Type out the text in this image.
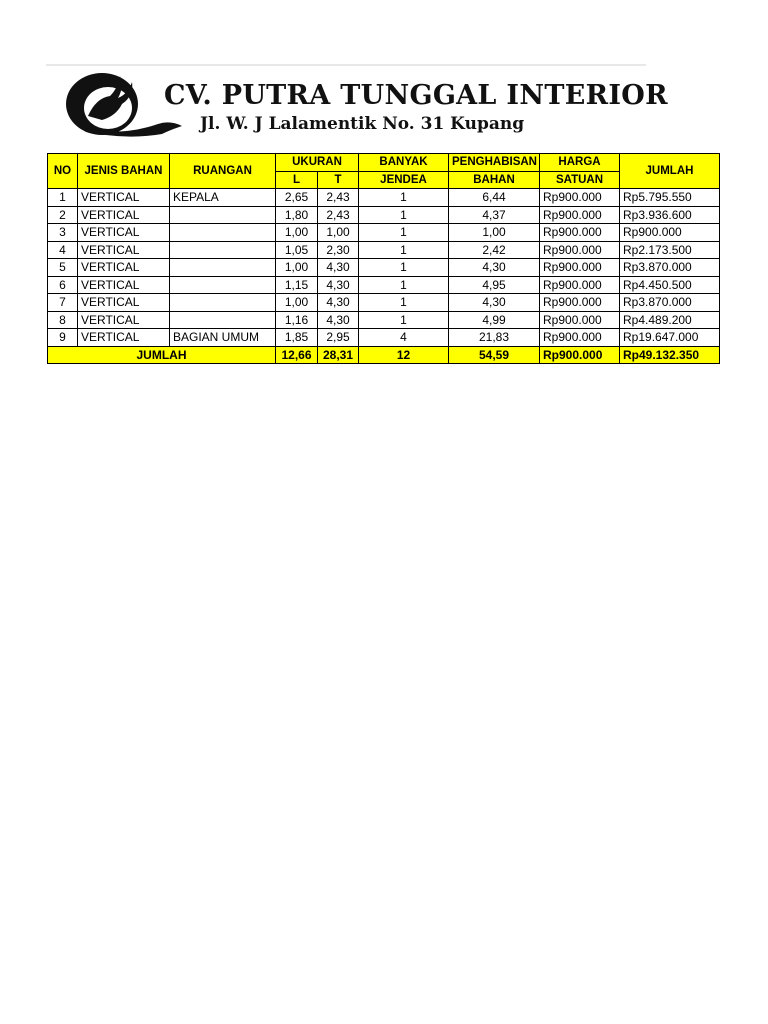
CV. PUTRA TUNGGAL INTERIOR
Jl. W. J Lalamentik No. 31 Kupang
NO	JENIS BAHAN	RUANGAN	UKURAN		BANYAK	PENGHABISAN	HARGA	JUMLAH
			L	T	JENDEA	BAHAN	SATUAN	
1	VERTICAL	KEPALA	2,65	2,43	1	6,44	Rp900.000	Rp5.795.550
2	VERTICAL		1,80	2,43	1	4,37	Rp900.000	Rp3.936.600
3	VERTICAL		1,00	1,00	1	1,00	Rp900.000	Rp900.000
4	VERTICAL		1,05	2,30	1	2,42	Rp900.000	Rp2.173.500
5	VERTICAL		1,00	4,30	1	4,30	Rp900.000	Rp3.870.000
6	VERTICAL		1,15	4,30	1	4,95	Rp900.000	Rp4.450.500
7	VERTICAL		1,00	4,30	1	4,30	Rp900.000	Rp3.870.000
8	VERTICAL		1,16	4,30	1	4,99	Rp900.000	Rp4.489.200
9	VERTICAL	BAGIAN UMUM	1,85	2,95	4	21,83	Rp900.000	Rp19.647.000
JUMLAH			12,66	28,31	12	54,59	Rp900.000	Rp49.132.350
